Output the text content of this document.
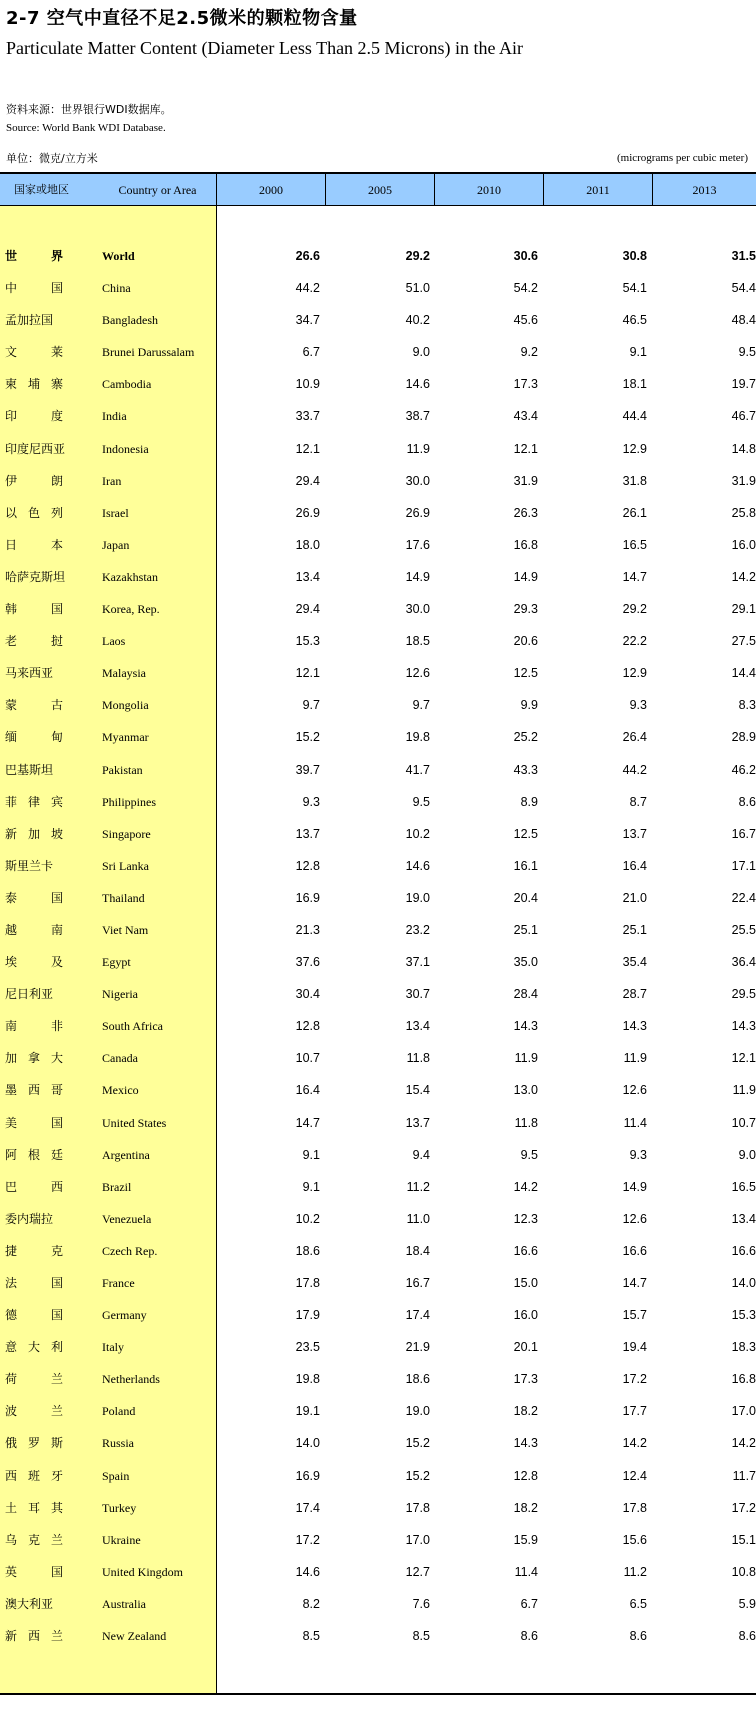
2-7 空气中直径不足2.5微米的颗粒物含量
Particulate Matter Content (Diameter Less Than 2.5 Microns) in the Air
资料来源：世界银行WDI数据库。
Source: World Bank WDI Database.
单位：微克/立方米	(micrograms per cubic meter)
国家或地区	Country or Area	2000	2005	2010	2011	2013
世界	World	26.6	29.2	30.6	30.8	31.5
中国	China	44.2	51.0	54.2	54.1	54.4
孟加拉国	Bangladesh	34.7	40.2	45.6	46.5	48.4
文莱	Brunei Darussalam	6.7	9.0	9.2	9.1	9.5
柬埔寨	Cambodia	10.9	14.6	17.3	18.1	19.7
印度	India	33.7	38.7	43.4	44.4	46.7
印度尼西亚	Indonesia	12.1	11.9	12.1	12.9	14.8
伊朗	Iran	29.4	30.0	31.9	31.8	31.9
以色列	Israel	26.9	26.9	26.3	26.1	25.8
日本	Japan	18.0	17.6	16.8	16.5	16.0
哈萨克斯坦	Kazakhstan	13.4	14.9	14.9	14.7	14.2
韩国	Korea, Rep.	29.4	30.0	29.3	29.2	29.1
老挝	Laos	15.3	18.5	20.6	22.2	27.5
马来西亚	Malaysia	12.1	12.6	12.5	12.9	14.4
蒙古	Mongolia	9.7	9.7	9.9	9.3	8.3
缅甸	Myanmar	15.2	19.8	25.2	26.4	28.9
巴基斯坦	Pakistan	39.7	41.7	43.3	44.2	46.2
菲律宾	Philippines	9.3	9.5	8.9	8.7	8.6
新加坡	Singapore	13.7	10.2	12.5	13.7	16.7
斯里兰卡	Sri Lanka	12.8	14.6	16.1	16.4	17.1
泰国	Thailand	16.9	19.0	20.4	21.0	22.4
越南	Viet Nam	21.3	23.2	25.1	25.1	25.5
埃及	Egypt	37.6	37.1	35.0	35.4	36.4
尼日利亚	Nigeria	30.4	30.7	28.4	28.7	29.5
南非	South Africa	12.8	13.4	14.3	14.3	14.3
加拿大	Canada	10.7	11.8	11.9	11.9	12.1
墨西哥	Mexico	16.4	15.4	13.0	12.6	11.9
美国	United States	14.7	13.7	11.8	11.4	10.7
阿根廷	Argentina	9.1	9.4	9.5	9.3	9.0
巴西	Brazil	9.1	11.2	14.2	14.9	16.5
委内瑞拉	Venezuela	10.2	11.0	12.3	12.6	13.4
捷克	Czech Rep.	18.6	18.4	16.6	16.6	16.6
法国	France	17.8	16.7	15.0	14.7	14.0
德国	Germany	17.9	17.4	16.0	15.7	15.3
意大利	Italy	23.5	21.9	20.1	19.4	18.3
荷兰	Netherlands	19.8	18.6	17.3	17.2	16.8
波兰	Poland	19.1	19.0	18.2	17.7	17.0
俄罗斯	Russia	14.0	15.2	14.3	14.2	14.2
西班牙	Spain	16.9	15.2	12.8	12.4	11.7
土耳其	Turkey	17.4	17.8	18.2	17.8	17.2
乌克兰	Ukraine	17.2	17.0	15.9	15.6	15.1
英国	United Kingdom	14.6	12.7	11.4	11.2	10.8
澳大利亚	Australia	8.2	7.6	6.7	6.5	5.9
新西兰	New Zealand	8.5	8.5	8.6	8.6	8.6
